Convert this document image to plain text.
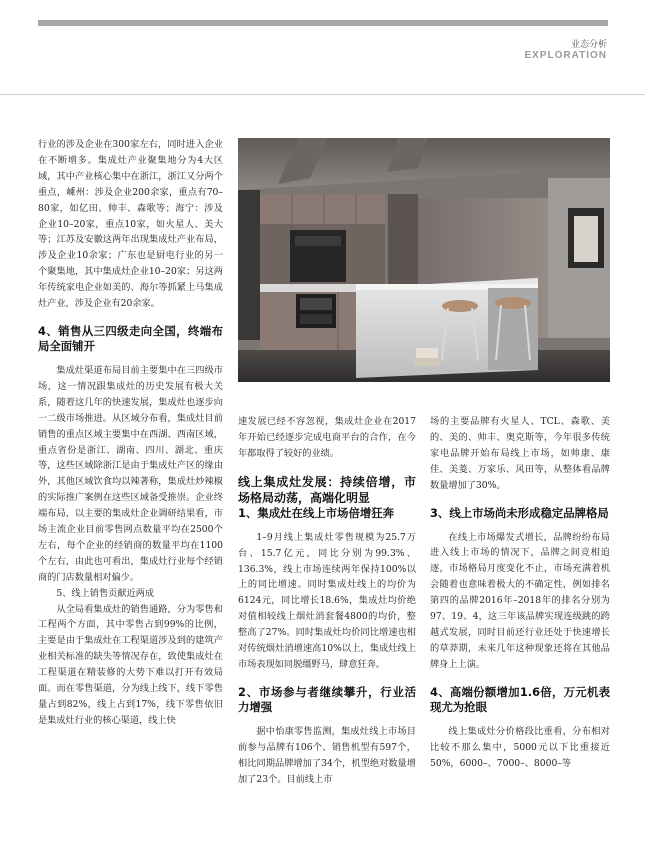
业态分析
EXPLORATION

行业的涉及企业在300家左右，同时进入企业在不断增多。集成灶产业聚集地分为4大区域，其中产业核心集中在浙江，浙江又分两个重点，嵊州：涉及企业200余家，重点有70–80家，如亿田、帅丰、森歌等；海宁：涉及企业10–20家，重点10家，如火星人、美大等；江苏及安徽这两年出现集成灶产业布局，涉及企业10余家；广东也是厨电行业的另一个聚集地，其中集成灶企业10–20家；另这两年传统家电企业如美的、海尔等抓紧上马集成灶产业，涉及企业有20余家。

4、销售从三四级走向全国，终端布局全面铺开

集成灶渠道布局目前主要集中在三四级市场，这一情况跟集成灶的历史发展有极大关系，随着这几年的快速发展，集成灶也逐步向一二级市场推进。从区域分布看，集成灶目前销售的重点区域主要集中在西湖、西南区域，重点省份是浙江、湖南、四川、湖北、重庆等，这些区域除浙江是由于集成灶产区的缘由外，其他区域饮食均以辣著称，集成灶炒辣椒的实际推广案例在这些区域备受推崇。企业终端布局，以主要的集成灶企业调研结果看，市场主流企业目前零售网点数量平均在2500个左右，每个企业的经销商的数量平均在1100个左右，由此也可看出，集成灶行业每个经销商的门店数量相对偏少。

5、线上销售贡献近两成

从全局看集成灶的销售通路，分为零售和工程两个方面，其中零售占到99%的比例，主要是由于集成灶在工程渠道涉及到的建筑产业相关标准的缺失等情况存在，致使集成灶在工程渠道在精装修的大势下难以打开有效局面。而在零售渠道，分为线上线下，线下零售量占到82%，线上占到17%，线下零售依旧是集成灶行业的核心渠道，线上快

速发展已经不容忽视，集成灶企业在2017年开始已经逐步完成电商平台的合作，在今年都取得了较好的业绩。

线上集成灶发展：持续倍增，市场格局动荡，高端化明显
1、集成灶在线上市场倍增狂奔

1–9月线上集成灶零售规模为25.7万台、15.7亿元，同比分别为99.3%、136.3%，线上市场连续两年保持100%以上的同比增速。同时集成灶线上的均价为6124元，同比增长18.6%，集成灶均价绝对值相较线上烟灶消套餐4800的均价，整整高了27%。同时集成灶均价同比增速也相对传统烟灶消增速高10%以上，集成灶线上市场表现如同脱缰野马，肆意狂奔。

2、市场参与者继续攀升，行业活力增强

据中怡康零售监测，集成灶线上市场目前参与品牌有106个、销售机型有597个，相比同期品牌增加了34个，机型绝对数量增加了23个。目前线上市

场的主要品牌有火星人、TCL、森歌、美的、美的、帅丰、奥克斯等，今年很多传统家电品牌开始布局线上市场，如帅康、康佳、美菱、万家乐、风田等，从整体看品牌数量增加了30%。

3、线上市场尚未形成稳定品牌格局

在线上市场爆发式增长，品牌纷纷布局进入线上市场的情况下，品牌之间竞相追逐，市场格局月度变化不止，市场充满着机会随着也意味着极大的不确定性，例如排名第四的品牌2016年–2018年的排名分别为97、19、4，这三年该品牌实现连级跳的跨越式发展，同时目前还行业还处于快速增长的草莽期，未来几年这种现象还将在其他品牌身上上演。

4、高端份额增加1.6倍，万元机表现尤为抢眼

线上集成灶分价格段比重看，分布相对比较不那么集中，5000元以下比重接近50%，6000–、7000–、8000–等
